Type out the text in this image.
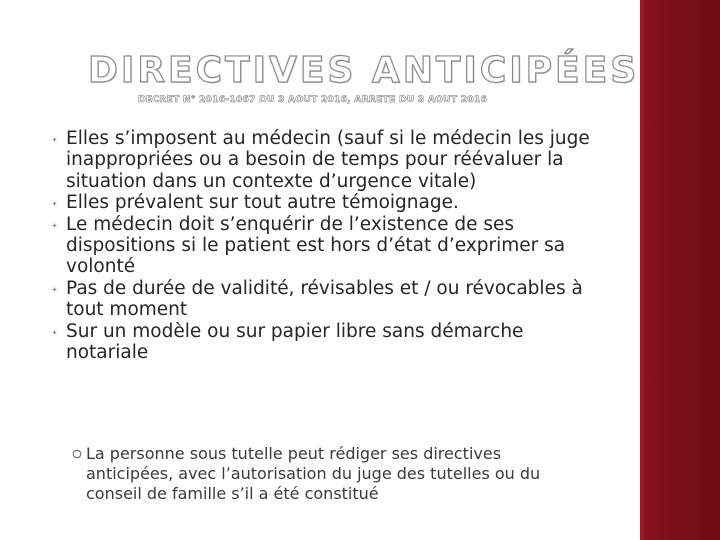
DIRECTIVES ANTICIPÉES

DECRET N° 2016-1067 DU 3 AOUT 2016, ARRETE DU 3 AOUT 2016

Elles s’imposent au médecin (sauf si le médecin les juge inappropriées ou a besoin de temps pour réévaluer la situation dans un contexte d’urgence vitale)
Elles prévalent sur tout autre témoignage.
Le médecin doit s’enquérir de l’existence de ses dispositions si le patient est hors d’état d’exprimer sa volonté
Pas de durée de validité, révisables et / ou révocables à tout moment
Sur un modèle ou sur papier libre sans démarche notariale
La personne sous tutelle peut rédiger ses directives anticipées, avec l’autorisation du juge des tutelles ou du conseil de famille s’il a été constitué
